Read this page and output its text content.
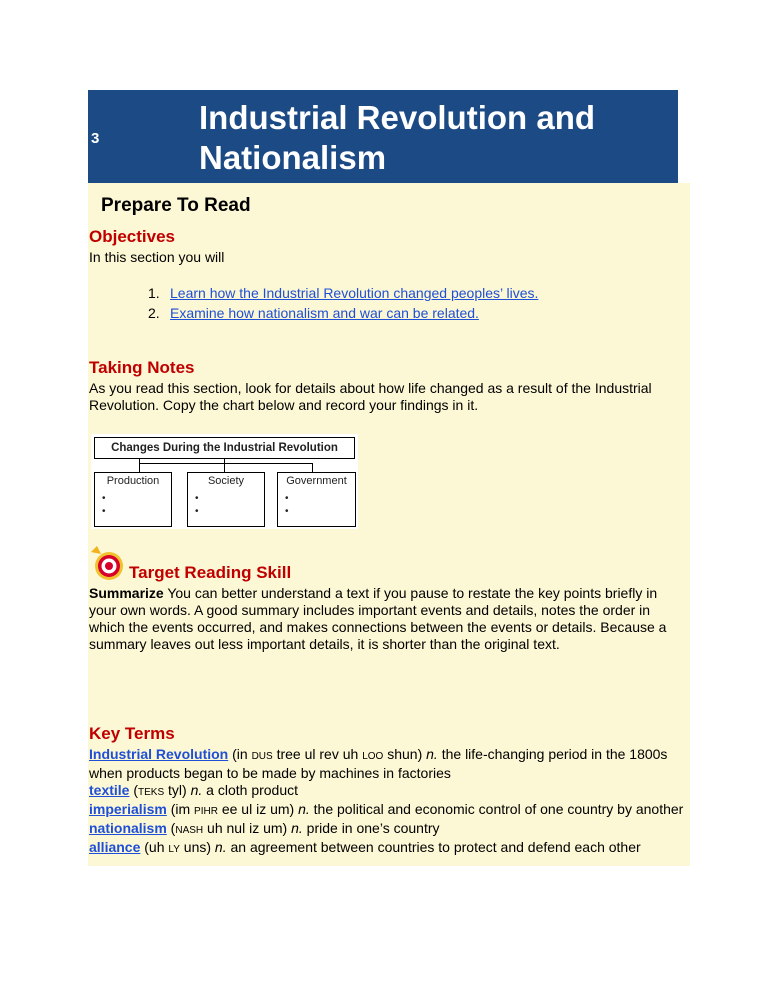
3
Industrial Revolution and Nationalism
Prepare To Read
Objectives
In this section you will
1. Learn how the Industrial Revolution changed peoples’ lives.
2. Examine how nationalism and war can be related.
Taking Notes
As you read this section, look for details about how life changed as a result of the Industrial Revolution. Copy the chart below and record your findings in it.
Changes During the Industrial Revolution
Production
•
•
Society
•
•
Government
•
•
Target Reading Skill
Summarize You can better understand a text if you pause to restate the key points briefly in your own words. A good summary includes important events and details, notes the order in which the events occurred, and makes connections between the events or details. Because a summary leaves out less important details, it is shorter than the original text.
Key Terms
Industrial Revolution (in DUS tree ul rev uh LOO shun) n. the life-changing period in the 1800s when products began to be made by machines in factories
textile (TEKS tyl) n. a cloth product
imperialism (im PIHR ee ul iz um) n. the political and economic control of one country by another
nationalism (NASH uh nul iz um) n. pride in one’s country
alliance (uh LY uns) n. an agreement between countries to protect and defend each other
